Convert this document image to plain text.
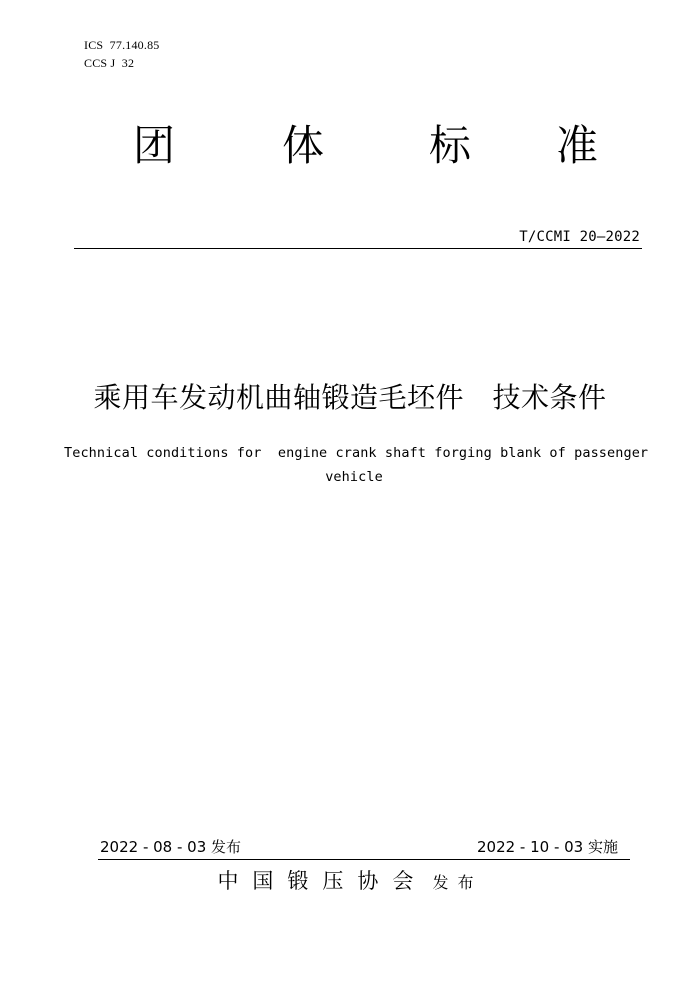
ICS  77.140.85
CCS J  32
团	体 标 准
T/CCMI 20—2022
乘用车发动机曲轴锻造毛坯件　技术条件
Technical conditions for  engine crank shaft forging blank of passenger
vehicle
2022 - 08 - 03 发布	2022 - 10 - 03 实施
中国锻压协会 发布
